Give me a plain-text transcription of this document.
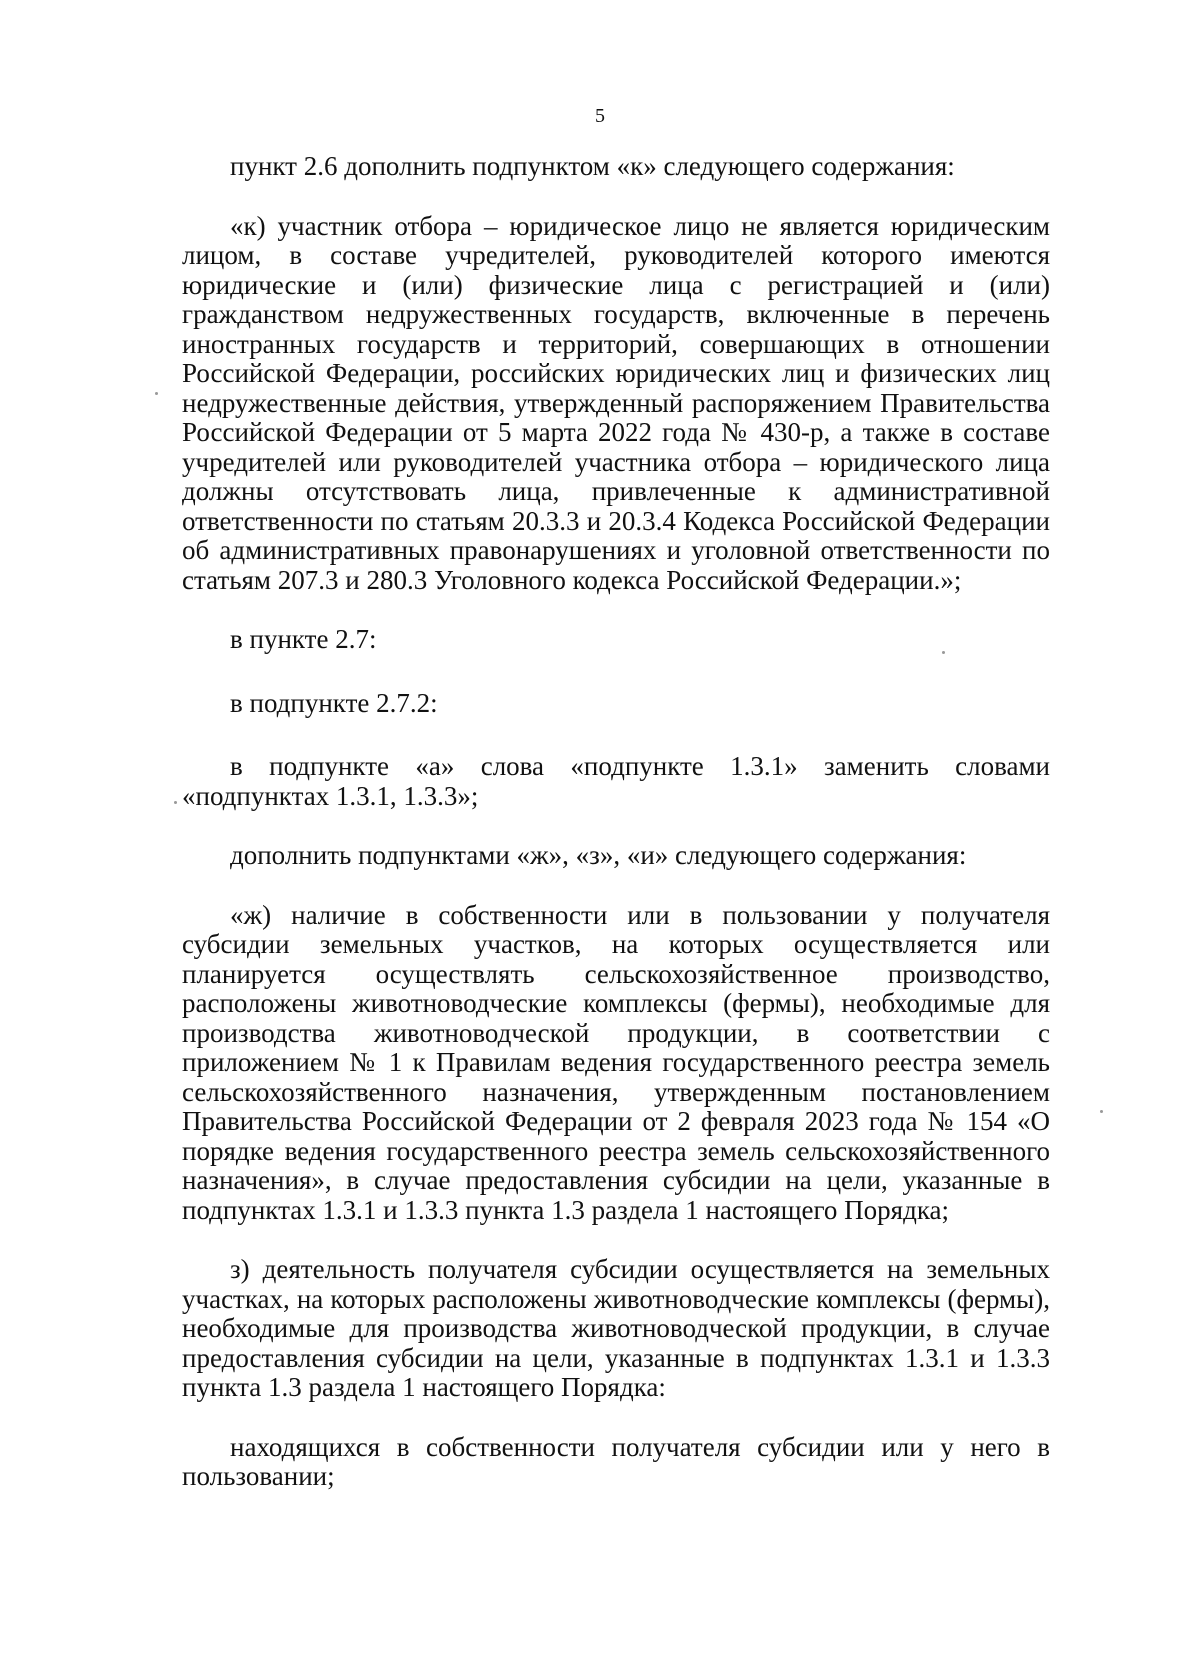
5

пункт 2.6 дополнить подпунктом «к» следующего содержания:

«к) участник отбора – юридическое лицо не является юридическим лицом, в составе учредителей, руководителей которого имеются юридические и (или) физические лица с регистрацией и (или) гражданством недружественных государств, включенные в перечень иностранных государств и территорий, совершающих в отношении Российской Федерации, российских юридических лиц и физических лиц недружественные действия, утвержденный распоряжением Правительства Российской Федерации от 5 марта 2022 года № 430-р, а также в составе учредителей или руководителей участника отбора – юридического лица должны отсутствовать лица, привлеченные к административной ответственности по статьям 20.3.3 и 20.3.4 Кодекса Российской Федерации об административных правонарушениях и уголовной ответственности по статьям 207.3 и 280.3 Уголовного кодекса Российской Федерации.»;

в пункте 2.7:

в подпункте 2.7.2:

в подпункте «а» слова «подпункте 1.3.1» заменить словами «подпунктах 1.3.1, 1.3.3»;

дополнить подпунктами «ж», «з», «и» следующего содержания:

«ж) наличие в собственности или в пользовании у получателя субсидии земельных участков, на которых осуществляется или планируется осуществлять сельскохозяйственное производство, расположены животноводческие комплексы (фермы), необходимые для производства животноводческой продукции, в соответствии с приложением № 1 к Правилам ведения государственного реестра земель сельскохозяйственного назначения, утвержденным постановлением Правительства Российской Федерации от 2 февраля 2023 года № 154 «О порядке ведения государственного реестра земель сельскохозяйственного назначения», в случае предоставления субсидии на цели, указанные в подпунктах 1.3.1 и 1.3.3 пункта 1.3 раздела 1 настоящего Порядка;

з) деятельность получателя субсидии осуществляется на земельных участках, на которых расположены животноводческие комплексы (фермы), необходимые для производства животноводческой продукции, в случае предоставления субсидии на цели, указанные в подпунктах 1.3.1 и 1.3.3 пункта 1.3 раздела 1 настоящего Порядка:

находящихся в собственности получателя субсидии или у него в пользовании;
